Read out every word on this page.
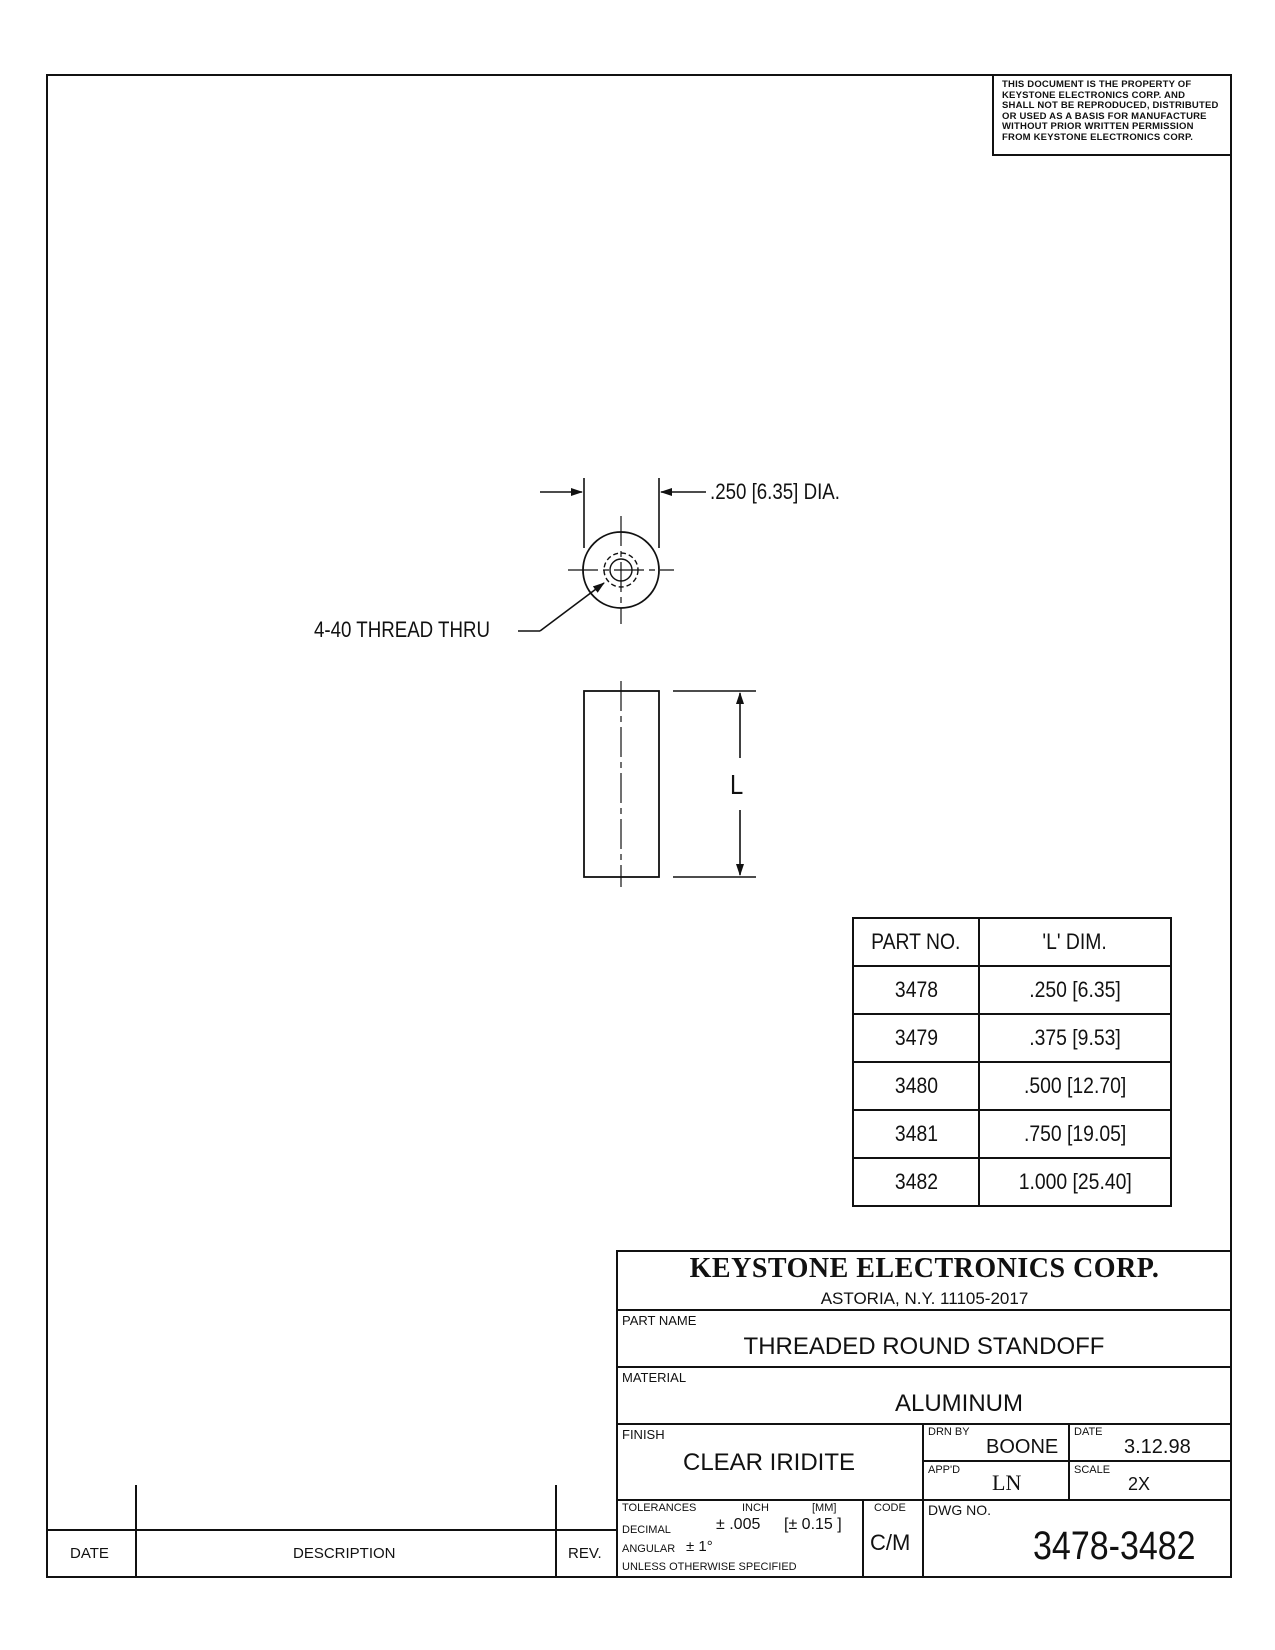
THIS DOCUMENT IS THE PROPERTY OF
KEYSTONE ELECTRONICS CORP. AND
SHALL NOT BE REPRODUCED, DISTRIBUTED
OR USED AS A BASIS FOR MANUFACTURE
WITHOUT PRIOR WRITTEN PERMISSION
FROM KEYSTONE ELECTRONICS CORP.
.250 [6.35] DIA.
4-40 THREAD THRU
L
PART NO.	'L' DIM.
3478	.250 [6.35]
3479	.375 [9.53]
3480	.500 [12.70]
3481	.750 [19.05]
3482	1.000 [25.40]
KEYSTONE ELECTRONICS CORP.
ASTORIA, N.Y. 11105-2017
PART NAME
THREADED ROUND STANDOFF
MATERIAL
ALUMINUM
FINISH
CLEAR IRIDITE
DRN BY
BOONE
DATE
3.12.98
APP'D LN	SCALE
2X
TOLERANCES	INCH	[MM]
DECIMAL	± .005 [± 0.15 ]
ANGULAR ± 1°
UNLESS OTHERWISE SPECIFIED
CODE
C/M
DWG NO.
3478-3482
DATE	DESCRIPTION	REV.
